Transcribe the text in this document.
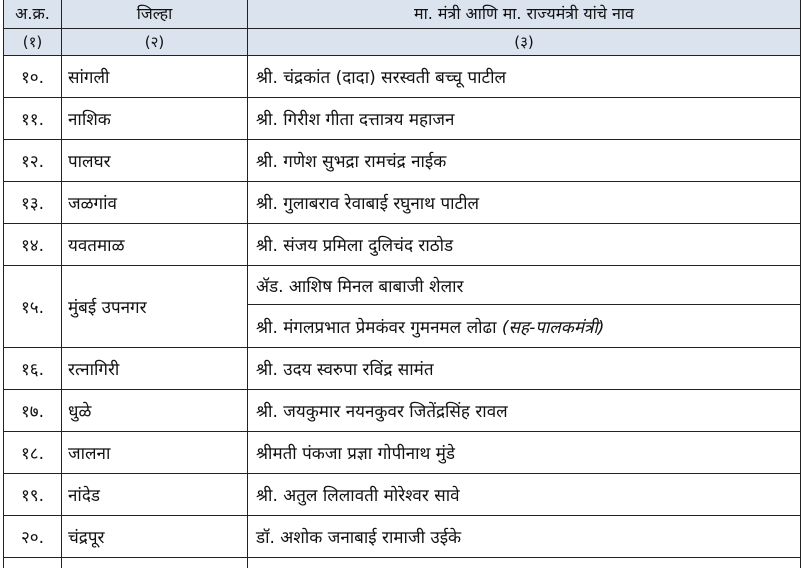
अ.क्र.	जिल्हा	मा. मंत्री आणि मा. राज्यमंत्री यांचे नाव
(१)	(२)	(३)
१०.	सांगली	श्री. चंद्रकांत (दादा) सरस्वती बच्चू पाटील
११.	नाशिक	श्री. गिरीश गीता दत्तात्रय महाजन
१२.	पालघर	श्री. गणेश सुभद्रा रामचंद्र नाईक
१३.	जळगांव	श्री. गुलाबराव रेवाबाई रघुनाथ पाटील
१४.	यवतमाळ	श्री. संजय प्रमिला दुलिचंद राठोड
१५.	मुंबई उपनगर	ॲड. आशिष मिनल बाबाजी शेलार
		श्री. मंगलप्रभात प्रेमकंवर गुमनमल लोढा (सह-पालकमंत्री)
१६.	रत्नागिरी	श्री. उदय स्वरुपा रविंद्र सामंत
१७.	धुळे	श्री. जयकुमार नयनकुवर जितेंद्रसिंह रावल
१८.	जालना	श्रीमती पंकजा प्रज्ञा गोपीनाथ मुंडे
१९.	नांदेड	श्री. अतुल लिलावती मोरेश्वर सावे
२०.	चंद्रपूर	डॉ. अशोक जनाबाई रामाजी उईके
